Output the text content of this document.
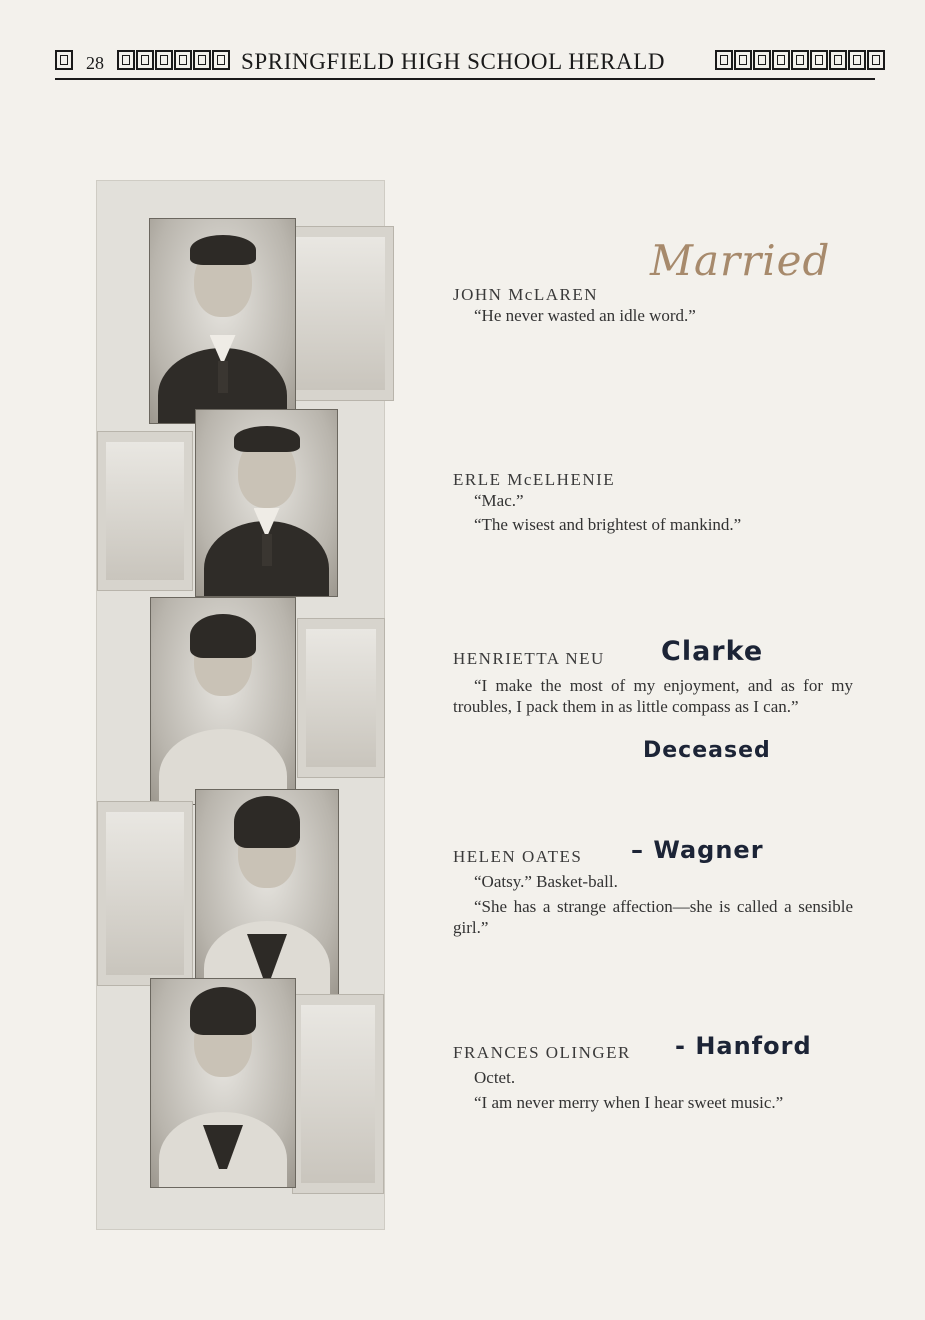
28	SPRINGFIELD HIGH SCHOOL HERALD
Married
JOHN McLAREN
“He never wasted an idle word.”
ERLE McELHENIE
“Mac.”
“The wisest and brightest of mankind.”
HENRIETTA NEU Clarke
“I make the most of my enjoyment, and as for my troubles, I pack them in as little compass as I can.”
Deceased
HELEN OATES – Wagner
“Oatsy.” Basket-ball.
“She has a strange affection—she is called a sensible girl.”
FRANCES OLINGER - Hanford
Octet.
“I am never merry when I hear sweet music.”
